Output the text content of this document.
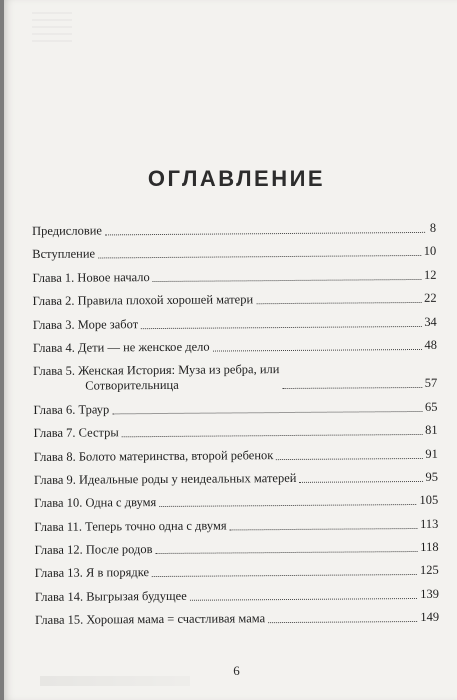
ОГЛАВЛЕНИЕ
Предисловие	8
Вступление	10
Глава 1. Новое начало	12
Глава 2. Правила плохой хорошей матери	22
Глава 3. Море забот	34
Глава 4. Дети — не женское дело	48
Глава 5. Женская История: Муза из ребра, или
Сотворительница	57
Глава 6. Траур	65
Глава 7. Сестры	81
Глава 8. Болото материнства, второй ребенок	91
Глава 9. Идеальные роды у неидеальных матерей	95
Глава 10. Одна с двумя	105
Глава 11. Теперь точно одна с двумя	113
Глава 12. После родов	118
Глава 13. Я в порядке	125
Глава 14. Выгрызая будущее	139
Глава 15. Хорошая мама = счастливая мама	149
6
